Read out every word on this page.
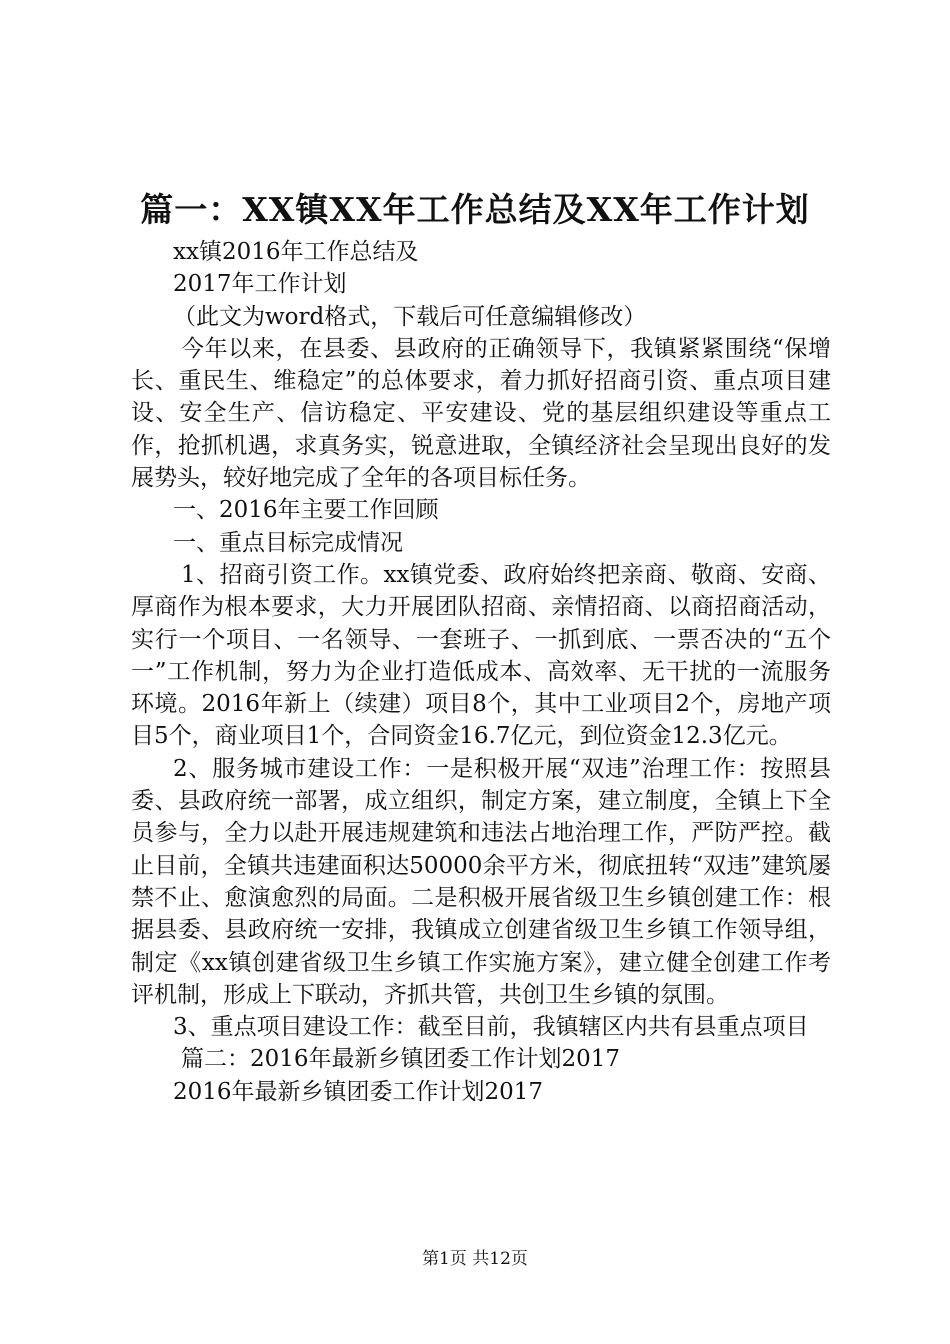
篇一：XX镇XX年工作总结及XX年工作计划

xx镇2016年工作总结及

2017年工作计划

（此文为word格式，下载后可任意编辑修改）

今年以来，在县委、县政府的正确领导下，我镇紧紧围绕“保增长、重民生、维稳定”的总体要求，着力抓好招商引资、重点项目建设、安全生产、信访稳定、平安建设、党的基层组织建设等重点工作，抢抓机遇，求真务实，锐意进取，全镇经济社会呈现出良好的发展势头，较好地完成了全年的各项目标任务。

一、2016年主要工作回顾

一、重点目标完成情况

1、招商引资工作。xx镇党委、政府始终把亲商、敬商、安商、厚商作为根本要求，大力开展团队招商、亲情招商、以商招商活动，实行一个项目、一名领导、一套班子、一抓到底、一票否决的“五个一”工作机制，努力为企业打造低成本、高效率、无干扰的一流服务环境。2016年新上（续建）项目8个，其中工业项目2个，房地产项目5个，商业项目1个，合同资金16.7亿元，到位资金12.3亿元。

2、服务城市建设工作：一是积极开展“双违”治理工作：按照县委、县政府统一部署，成立组织，制定方案，建立制度，全镇上下全员参与，全力以赴开展违规建筑和违法占地治理工作，严防严控。截止目前，全镇共违建面积达50000余平方米，彻底扭转“双违”建筑屡禁不止、愈演愈烈的局面。二是积极开展省级卫生乡镇创建工作：根据县委、县政府统一安排，我镇成立创建省级卫生乡镇工作领导组，制定《xx镇创建省级卫生乡镇工作实施方案》，建立健全创建工作考评机制，形成上下联动，齐抓共管，共创卫生乡镇的氛围。

3、重点项目建设工作：截至目前，我镇辖区内共有县重点项目

篇二：2016年最新乡镇团委工作计划2017

2016年最新乡镇团委工作计划2017

第1页 共12页
